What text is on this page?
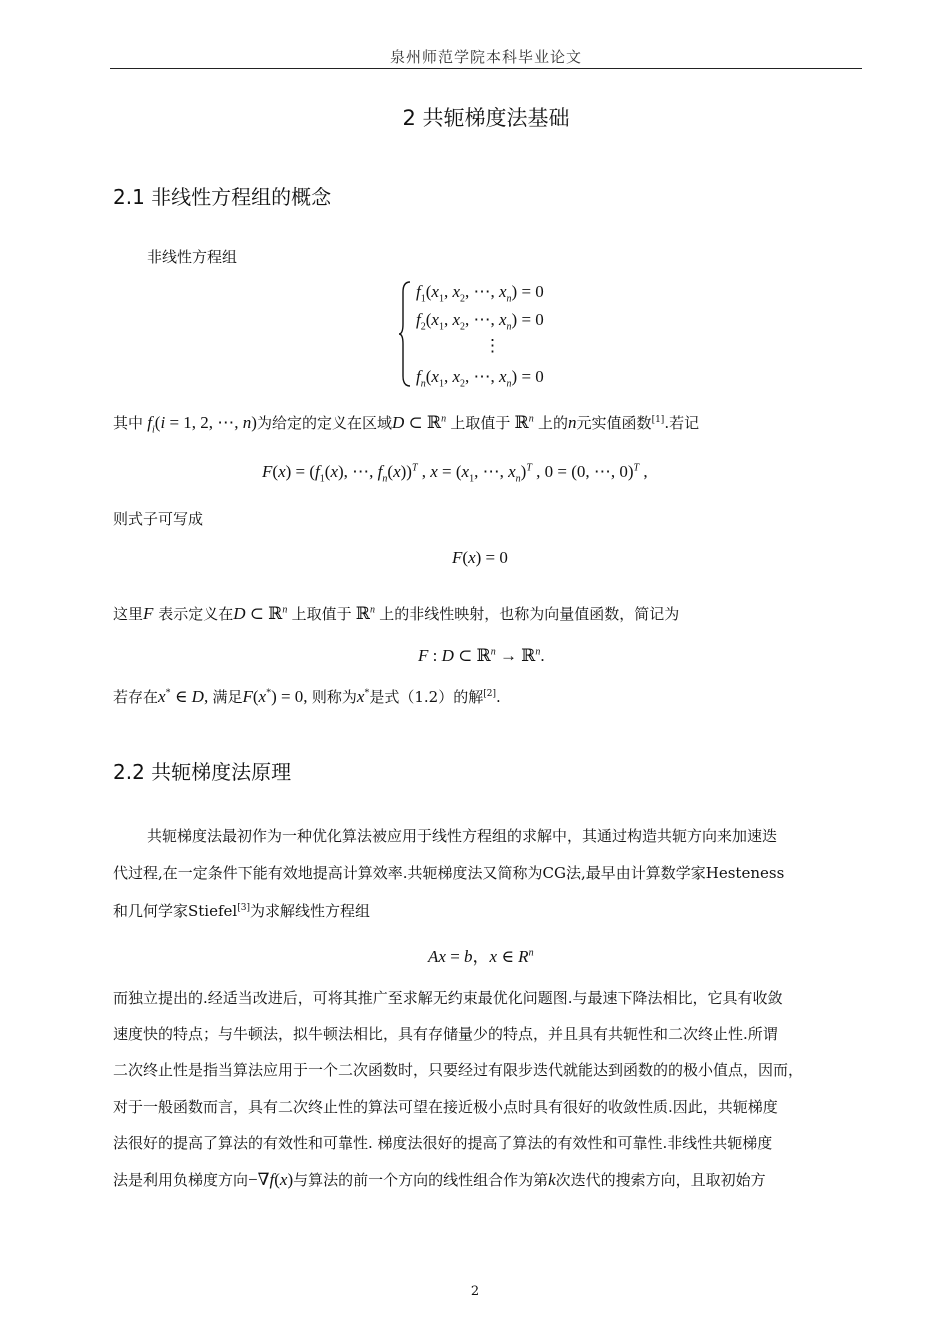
泉州师范学院本科毕业论文
2 共轭梯度法基础
2.1 非线性方程组的概念
非线性方程组
$f_1(x_1$, $x_2$, ⋯, $x_n) = 0$
$f_2(x_1$, $x_2$, ⋯, $x_n) = 0$
⋮
$f_n(x_1$, $x_2$, ⋯, $x_n) = 0$
其中 $f_i(i = 1$, 2, ⋯, n)为给定的定义在区域D ⊂ ℝ$^n$ 上取值于 ℝ$^n$ 上的n元实值函数[1].若记
$F(x) = (f_1(x)$, ⋯, $f_n(x))^T$ , $x = (x_1$, ⋯, $x_n)^T$ , 0 = (0, ⋯, 0)$^T$ ,
则式子可写成
F(x) = 0
这里F 表示定义在D ⊂ ℝ$^n$ 上取值于 ℝ$^n$ 上的非线性映射，也称为向量值函数，简记为
F : D ⊂ ℝ$^n$ → ℝ$^n$.
若存在x* ∈ D, 满足F(x*) = 0, 则称为x*是式（1.2）的解[2].
2.2 共轭梯度法原理
共轭梯度法最初作为一种优化算法被应用于线性方程组的求解中，其通过构造共轭方向来加速迭
代过程,在一定条件下能有效地提高计算效率.共轭梯度法又简称为CG法,最早由计算数学家Hesteness
和几何学家Stiefel[3]为求解线性方程组
Ax = b，x ∈ $R^n$
而独立提出的.经适当改进后，可将其推广至求解无约束最优化问题图.与最速下降法相比，它具有收敛
速度快的特点；与牛顿法，拟牛顿法相比，具有存储量少的特点，并且具有共轭性和二次终止性.所谓
二次终止性是指当算法应用于一个二次函数时，只要经过有限步迭代就能达到函数的的极小值点，因而，
对于一般函数而言，具有二次终止性的算法可望在接近极小点时具有很好的收敛性质.因此，共轭梯度
法很好的提高了算法的有效性和可靠性. 梯度法很好的提高了算法的有效性和可靠性.非线性共轭梯度
法是利用负梯度方向−∇f(x)与算法的前一个方向的线性组合作为第k次迭代的搜索方向，且取初始方
2
